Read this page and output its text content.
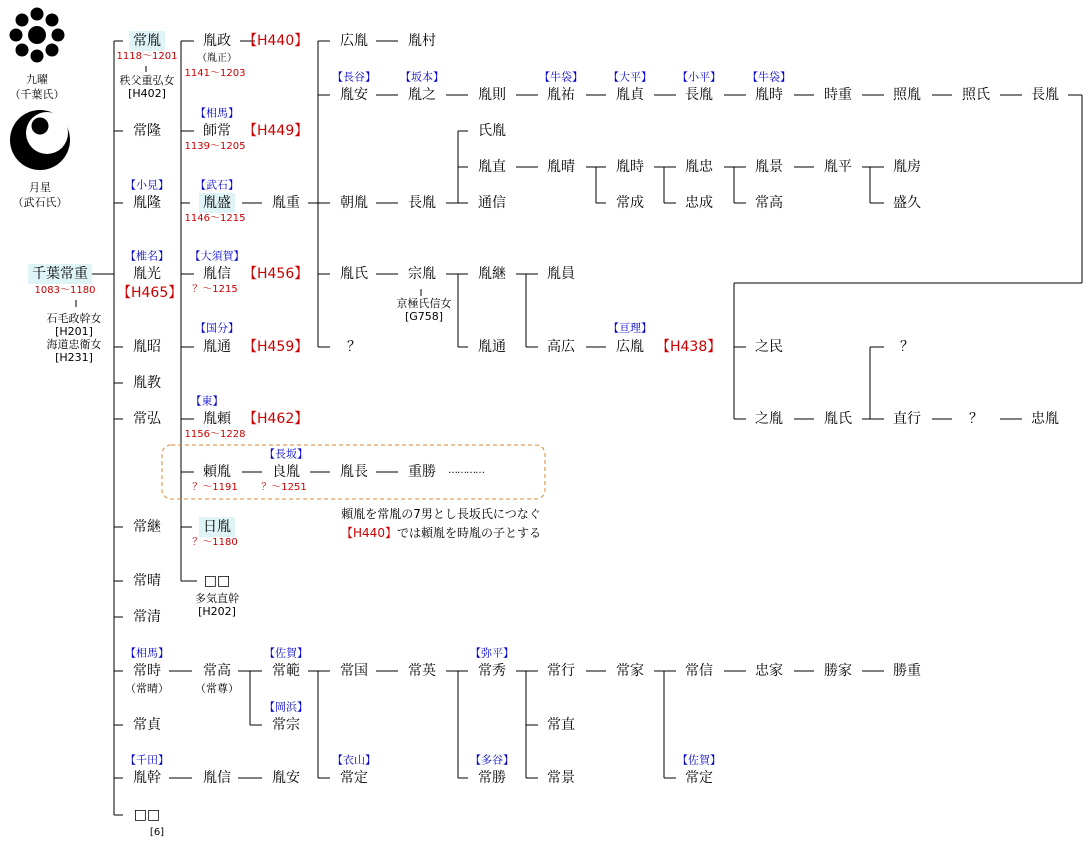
九曜
（千葉氏）
月星
（武石氏）
千葉常重
1083〜1180
石毛政幹女
[H201]
海道忠衛女
[H231]
常胤
1118〜1201
秩父重弘女
[H402]
常隆
【小見】
胤隆
【椎名】
胤光
【H465】
胤昭
胤教
常弘
常継
常晴
常清
【相馬】
常時
（常晴）
常貞
【千田】
胤幹
□□
[6]
胤政 【H440】
（胤正）
1141〜1203
【相馬】
師常 【H449】
1139〜1205
【武石】
胤盛
1146〜1215
【大須賀】
胤信 【H456】
？〜1215
【国分】
胤通 【H459】
【東】
胤頼 【H462】
1156〜1228
頼胤
？〜1191
【長坂】
良胤
？〜1251
胤長	重勝 …………
頼胤を常胤の7男とし長坂氏につなぐ
【H440】では頼胤を時胤の子とする
日胤
？〜1180
□□
多気直幹
[H202]
広胤	胤村
【長谷】
胤安
【坂本】
胤之	胤則
【牛袋】
胤祐
【大平】
胤貞
【小平】
長胤
【牛袋】
胤時	時重	照胤	照氏	長胤
胤重	朝胤	長胤
氏胤
胤直
通信
胤晴	胤時
常成
胤忠
忠成
胤景
常高
胤平	胤房
盛久
胤氏	宗胤
京極氏信女
[G758]
胤継	胤員
胤通	高広
【亘理】
広胤 【H438】
？	之民
之胤	胤氏
？
直行	？	忠胤
常高
（常尊）
【佐賀】
常範
【岡浜】
常宗
常国
【衣山】
常定
常英
【弥平】
常秀
【多谷】
常勝
常行
常直
常景
常家	常信
【佐賀】
常定
忠家	勝家	勝重
胤信	胤安
